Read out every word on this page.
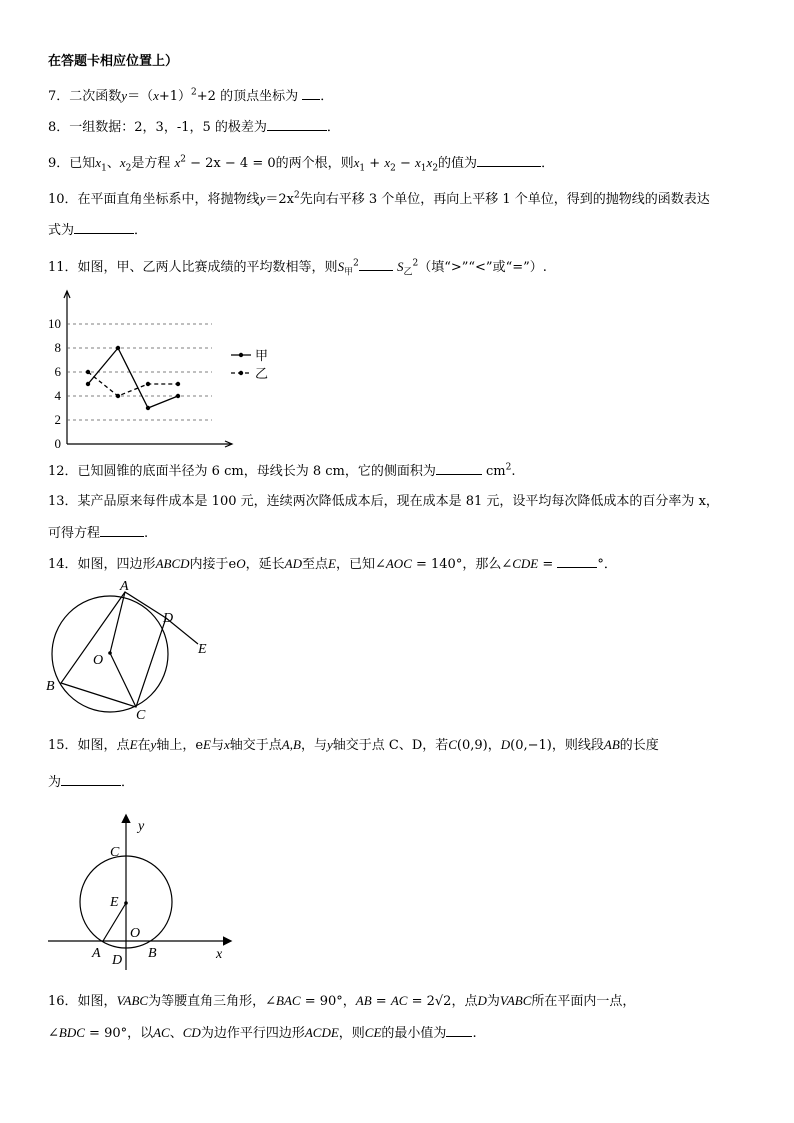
在答题卡相应位置上）
7．二次函数$y=(x+1)^2+2$ 的顶点坐标为 ．
8．一组数据：2，3，-1，5 的极差为	．
9．已知$x_1$、$x_2$是方程 $x^2 - 2x - 4 = 0$的两个根，则$x_1 + x_2 - x_1x_2$的值为	．
10．在平面直角坐标系中，将抛物线$y=2x^2$先向右平移 3 个单位，再向上平移 1 个单位，得到的抛物线的函数表达
式为	．
11．如图，甲、乙两人比赛成绩的平均数相等，则$S_甲^2$	$S_乙^2$（填“>”“<”或“=”）.
0
2
4
6
8
10
甲
乙
12．已知圆锥的底面半径为 6 cm，母线长为 8 cm，它的侧面积为	$cm^2$.
13．某产品原来每件成本是 100 元，连续两次降低成本后，现在成本是 81 元，设平均每次降低成本的百分率为 x，
可得方程	.
14．如图，四边形ABCD内接于eO，延长AD至点E，已知∠AOC = 140°，那么∠CDE =	°．
A
B
C
D
E
O
15．如图，点E在y轴上，eE与x轴交于点A,B，与y轴交于点 C、D，若C(0,9)，D(0,−1)，则线段AB的长度
为	．
y
x
C
E
O
A	B
D
16．如图，VABC为等腰直角三角形，∠BAC = 90°，AB = AC = 2√2，点D为VABC所在平面内一点，
∠BDC = 90°，以AC、CD为边作平行四边形ACDE，则CE的最小值为 .
